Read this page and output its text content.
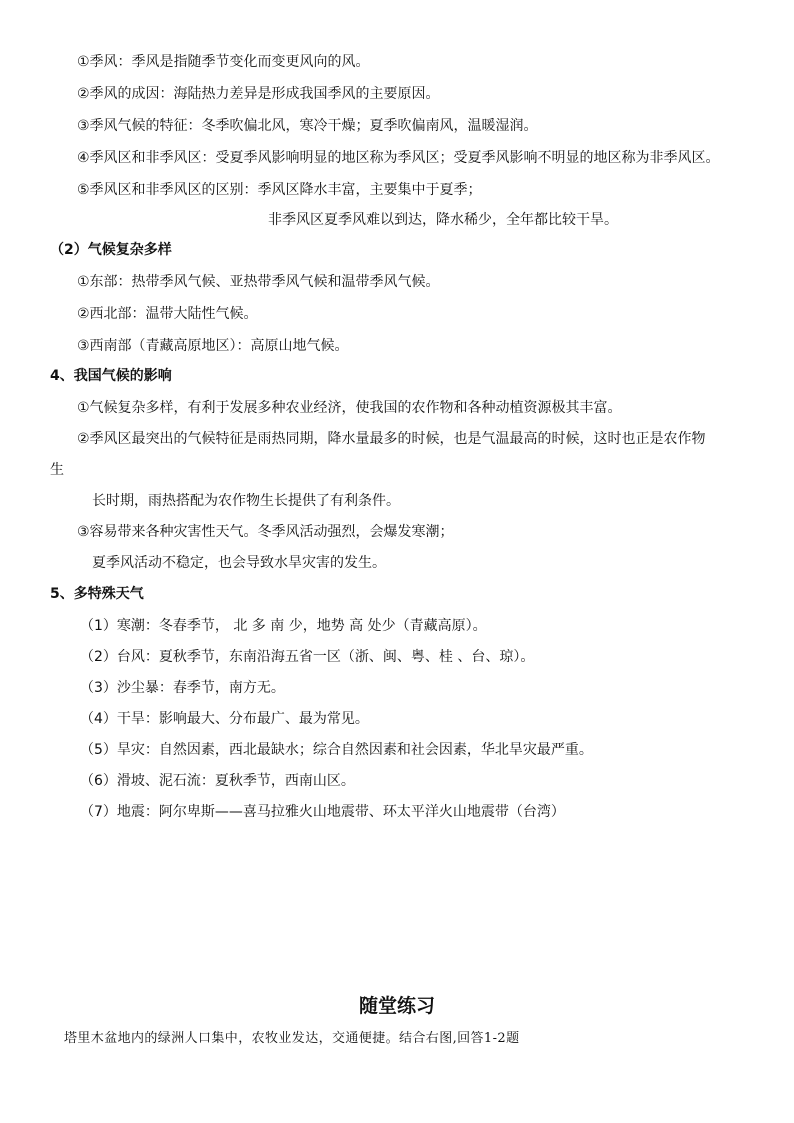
①季风：季风是指随季节变化而变更风向的风。
②季风的成因：海陆热力差异是形成我国季风的主要原因。
③季风气候的特征：冬季吹偏北风，寒冷干燥；夏季吹偏南风，温暖湿润。
④季风区和非季风区：受夏季风影响明显的地区称为季风区；受夏季风影响不明显的地区称为非季风区。
⑤季风区和非季风区的区别：季风区降水丰富，主要集中于夏季；
非季风区夏季风难以到达，降水稀少，全年都比较干旱。
（2）气候复杂多样
①东部：热带季风气候、亚热带季风气候和温带季风气候。
②西北部：温带大陆性气候。
③西南部（青藏高原地区）：高原山地气候。
4、我国气候的影响
①气候复杂多样，有利于发展多种农业经济，使我国的农作物和各种动植资源极其丰富。
②季风区最突出的气候特征是雨热同期，降水量最多的时候，也是气温最高的时候，这时也正是农作物
生
长时期，雨热搭配为农作物生长提供了有利条件。
③容易带来各种灾害性天气。冬季风活动强烈，会爆发寒潮；
夏季风活动不稳定，也会导致水旱灾害的发生。
5、多特殊天气
（1）寒潮：冬春季节， 北 多 南 少，地势 高 处少（青藏高原）。
（2）台风：夏秋季节，东南沿海五省一区（浙、闽、粤、桂 、台、琼）。
（3）沙尘暴：春季节，南方无。
（4）干旱：影响最大、分布最广、最为常见。
（5）旱灾：自然因素，西北最缺水；综合自然因素和社会因素，华北旱灾最严重。
（6）滑坡、泥石流：夏秋季节，西南山区。
（7）地震：阿尔卑斯——喜马拉雅火山地震带、环太平洋火山地震带（台湾）
随堂练习
塔里木盆地内的绿洲人口集中，农牧业发达，交通便捷。结合右图,回答1-2题
